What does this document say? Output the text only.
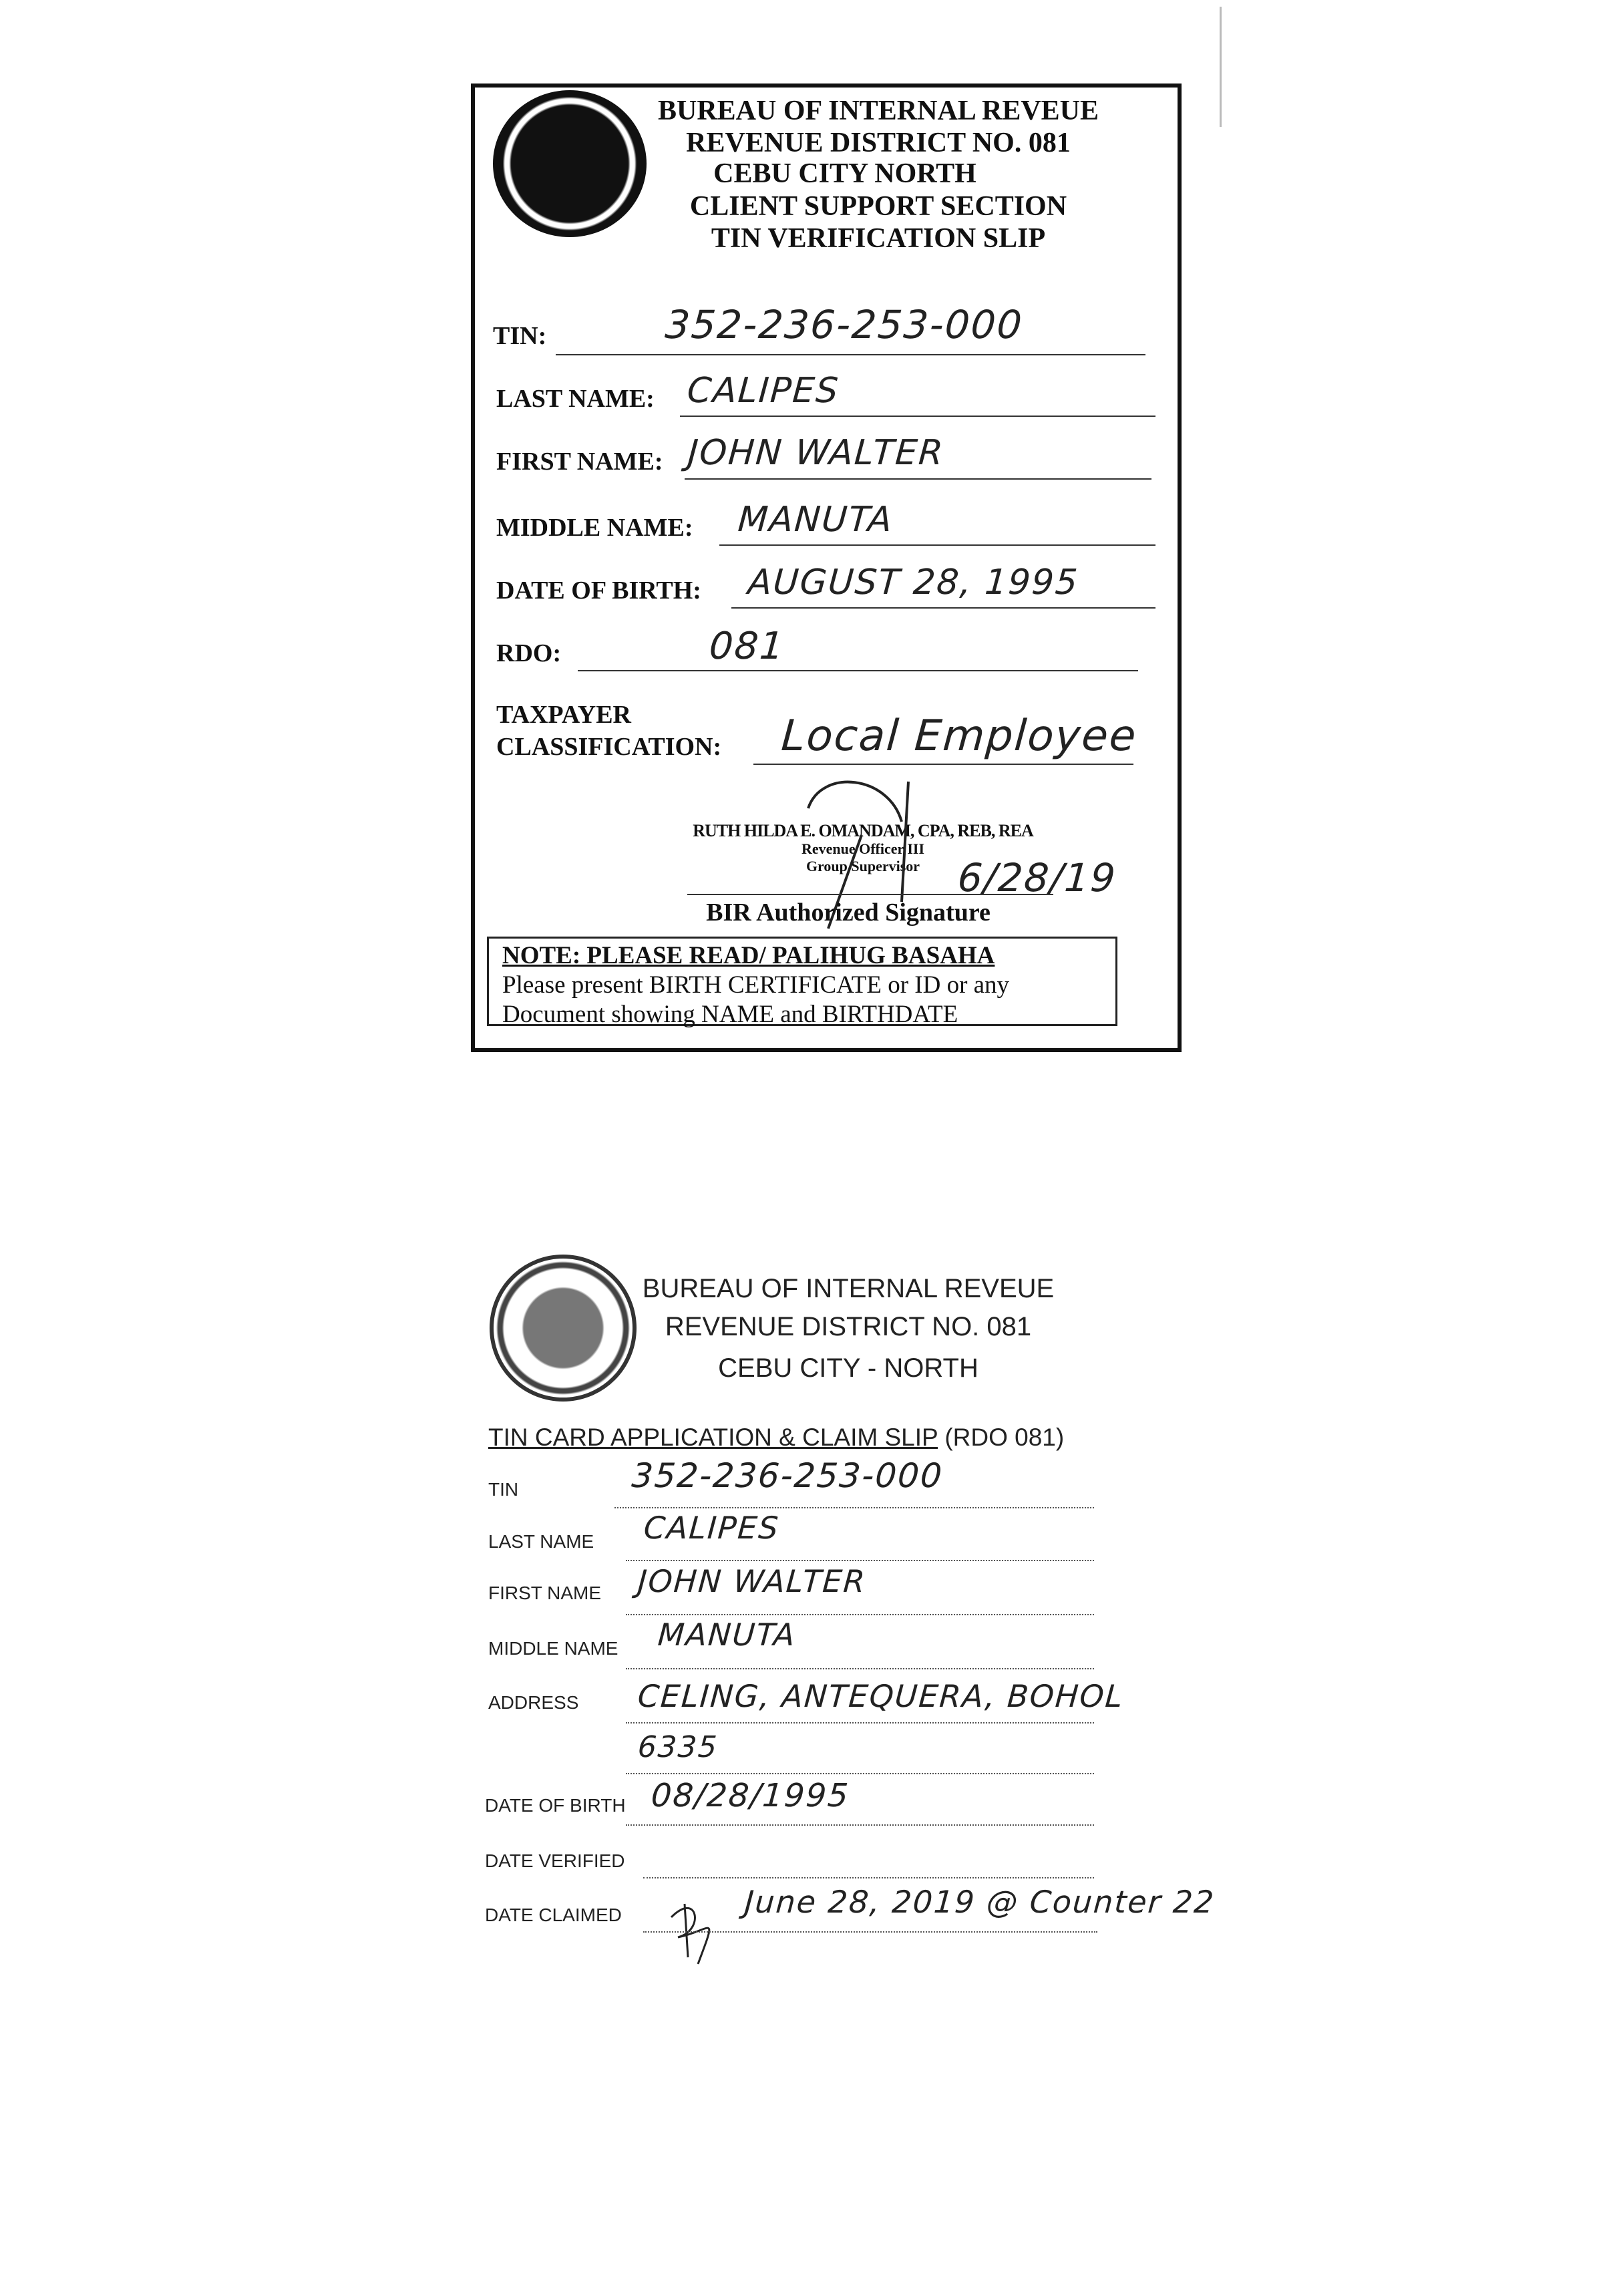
BUREAU OF INTERNAL REVEUE
REVENUE DISTRICT NO. 081
CEBU CITY NORTH
CLIENT SUPPORT SECTION
TIN VERIFICATION SLIP
TIN:	352-236-253-000
LAST NAME: CALIPES
FIRST NAME: JOHN WALTER
MIDDLE NAME: MANUTA
DATE OF BIRTH: AUGUST 28, 1995
RDO:	081
TAXPAYER
CLASSIFICATION: Local Employee
RUTH HILDA E. OMANDAM, CPA, REB, REA
Revenue Officer III
Group Supervisor 6/28/19
BIR Authorized Signature
NOTE: PLEASE READ/ PALIHUG BASAHA
Please present BIRTH CERTIFICATE or ID or any
Document showing NAME and BIRTHDATE
BUREAU OF INTERNAL REVEUE
REVENUE DISTRICT NO. 081
CEBU CITY - NORTH
TIN CARD APPLICATION & CLAIM SLIP (RDO 081)
TIN	352-236-253-000
LAST NAME CALIPES
FIRST NAME JOHN WALTER
MIDDLE NAME MANUTA
ADDRESS CELING, ANTEQUERA, BOHOL
6335
DATE OF BIRTH 08/28/1995
DATE VERIFIED
DATE CLAIMED	June 28, 2019 @ Counter 22
